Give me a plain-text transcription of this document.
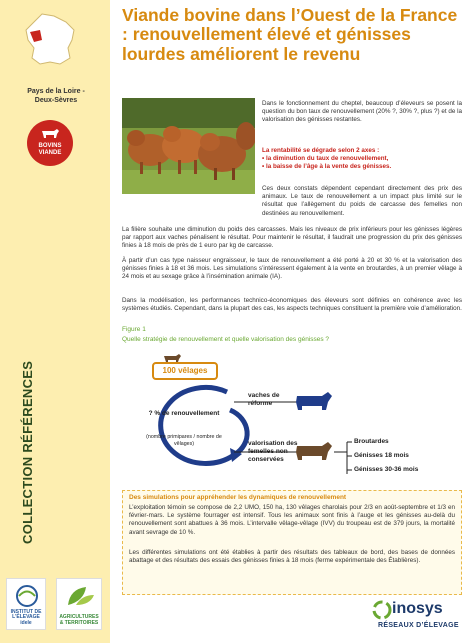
Pays de la Loire -
Deux-Sèvres
BOVINS
VIANDE
COLLECTION RÉFÉRENCES
INSTITUT DE L'ÉLEVAGE idele
AGRICULTURES & TERRITOIRES
Viande bovine dans l’Ouest de la France : renouvellement élevé et génisses lourdes améliorent le revenu
Dans le fonctionnement du cheptel, beaucoup d’éleveurs se posent la question du bon taux de renouvellement (20% ?, 30% ?, plus ?) et de la valorisation des génisses restantes.
La rentabilité se dégrade selon 2 axes :
• la diminution du taux de renouvellement,
• la baisse de l’âge à la vente des génisses.
Ces deux constats dépendent cependant directement des prix des animaux. Le taux de renouvellement a un impact plus limité sur le résultat que l’allègement du poids de carcasse des femelles non destinées au renouvellement.
La filière souhaite une diminution du poids des carcasses. Mais les niveaux de prix inférieurs pour les génisses légères par rapport aux vaches pénalisent le résultat. Pour maintenir le résultat, il faudrait une progression du prix des génisses finies à 18 mois de près de 1 euro par kg de carcasse.
À partir d’un cas type naisseur engraisseur, le taux de renouvellement a été porté à 20 et 30 % et la valorisation des génisses finies à 18 et 36 mois. Les simulations s’intéressent également à la vente en broutardes, à un premier vêlage à 24 mois et au sexage grâce à l’insémination animale (IA).
Dans la modélisation, les performances technico-économiques des éleveurs sont définies en cohérence avec les systèmes étudiés. Cependant, dans la plupart des cas, les aspects techniques constituent la première voie d’amélioration.
Figure 1
Quelle stratégie de renouvellement et quelle valorisation des génisses ?
100 vêlages
? % de renouvellement
(nombre primipares / nombre de vêlages)
vaches de réforme
valorisation des femelles non conservées
Broutardes
Génisses 18 mois
Génisses 30-36 mois
Des simulations pour appréhender les dynamiques de renouvellement
L’exploitation témoin se compose de 2,2 UMO, 150 ha, 130 vêlages charolais pour 2/3 en août-septembre et 1/3 en février-mars. Le système fourrager est intensif. Tous les animaux sont finis à l’auge et les génisses au-delà du renouvellement sont abattues à 36 mois. L’intervalle vêlage-vêlage (IVV) du troupeau est de 379 jours, la mortalité avant sevrage de 10 %.
Les différentes simulations ont été établies à partir des résultats des tableaux de bord, des bases de données abattage et des résultats des essais des génisses finies à 18 mois (ferme expérimentale des Établières).
inosys
RÉSEAUX D’ÉLEVAGE
